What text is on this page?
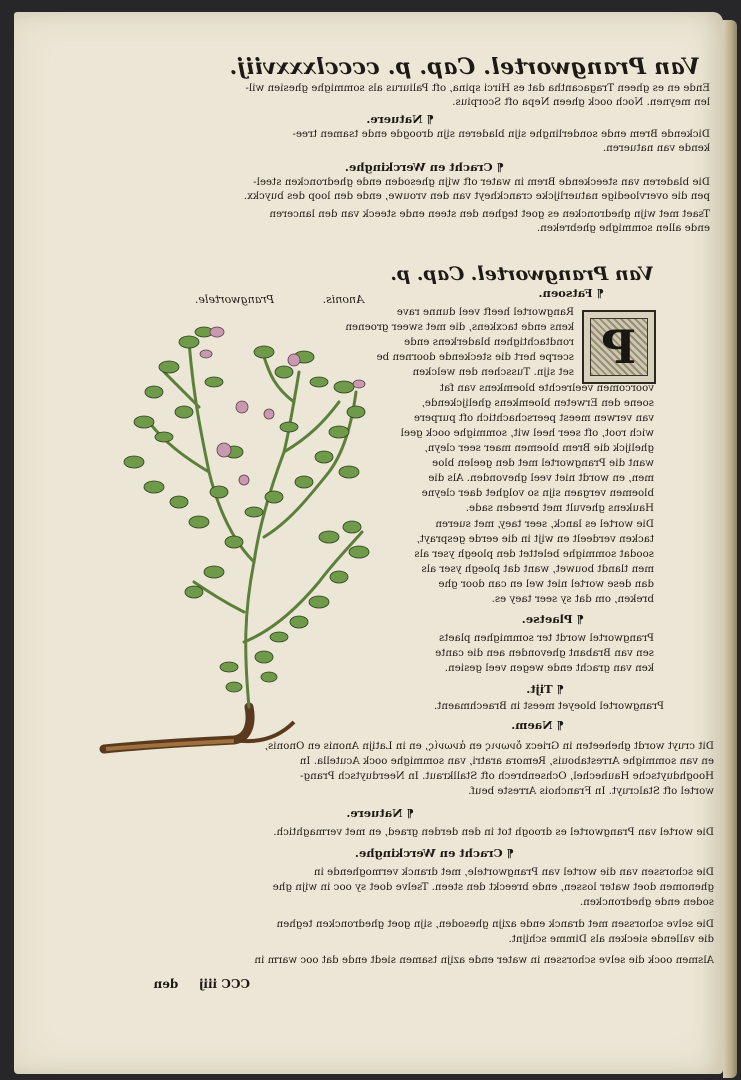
Van Prangwortel. Cap. p. cccclxxxviij.
Ende en es gheen Tragacantha dat es Hirci spina, oft Paliurus als sommighe ghesien wil-
len meynen. Noch oock gheen Nepa oft Scorpius.
¶ Natuere.
Dickende Brem ende sonderlinghe sijn bladeren sijn droogde ende tsamen tree-
kende van natueren.
¶ Cracht en Werckinghe.
Die bladeren van steeckende Brem in water oft wijn ghesoden ende ghedroncken steel-
pen die overvloedige natuerlijcke cranckheyt van den vrouwe, ende den loop des buyckx.
Tsaet met wijn ghedroncken es goet teghen den steen ende steeck van den lanceren
ende allen sommighe ghebreken.
Van Prangwortel. Cap. p.
¶ Fatsoen.
Anonis.
Prangwortele.
P
Rangwortel heeft veel dunne rave
kens ende tacxkens, die met sweer groenen
rondtachtighen bladerkens ende
scerpe hert die steckende doornen be
set sijn. Tusschen den welcken
voorcomen veelrechte bloemkens van fat
soene den Erweten bloemkens ghelijckende,
van verwen meest peerschachtich oft purpere
wich root, oft seer heel wit, sommighe oock geel
ghelijck die Brem bloemen maer seer cleyn,
want die Prangwortel met den geelen bloe
men, en wordt niet veel ghevonden. Als die
bloemen vergaen sijn so volghet daer cleyne
Haukens ghevult met breeden sade.
Die wortel es lanck, seer taey, met sueren
tacken verdeelt en wijt in die eerde gesprayt,
soodat sommighe belettet den ploegh yser als
men tlandt bouwet, want dat ploegh yser als
dan dese wortel niet wel en can door ghe
breken, om dat sy seer taey es.
¶ Plaetse.
Prangwortel wordt ter sommighen plaets
sen van Brabant ghevonden aen die cante
ken van gracht ende wegen veel gesien.
¶ Tijt.
Prangwortel bloeyet meest in Braechmaent.
¶ Naem.
Dit cruyt wordt gheheeten in Griecx ὄνωνις en ἀνωνίς, en in Latijn Anonis en Ononis,
en van sommighe Arrestabouis, Remora aratri, van sommighe oock Acutella. In
Hooghduytsche Hauhechel, Ochsenbrech oft Stallkraut. In Neerduytsch Prang-
wortel oft Stalcruyt. In Franchois Arreste beuf.
¶ Natuere.
Die wortel van Prangwortel es droogh tot in den derden graed, en met vermaghtich.
¶ Cracht en Werckinghe.
Die schorssen van die wortel van Prangwortele, met dranck vermoghende in
ghenomen doet water lossen, ende breeckt den steen. Tselve doet sy ooc in wijn ghe
soden ende ghedroncken.
Die selve schorssen met dranck ende azijn ghesoden, sijn goet ghedroncken teghen
die vallende siecken als Dimme schijnt.
Alsmen oock die selve schorssen in water ende azijn tsamen siedt ende dat ooc warm in
CCC iiij     den
